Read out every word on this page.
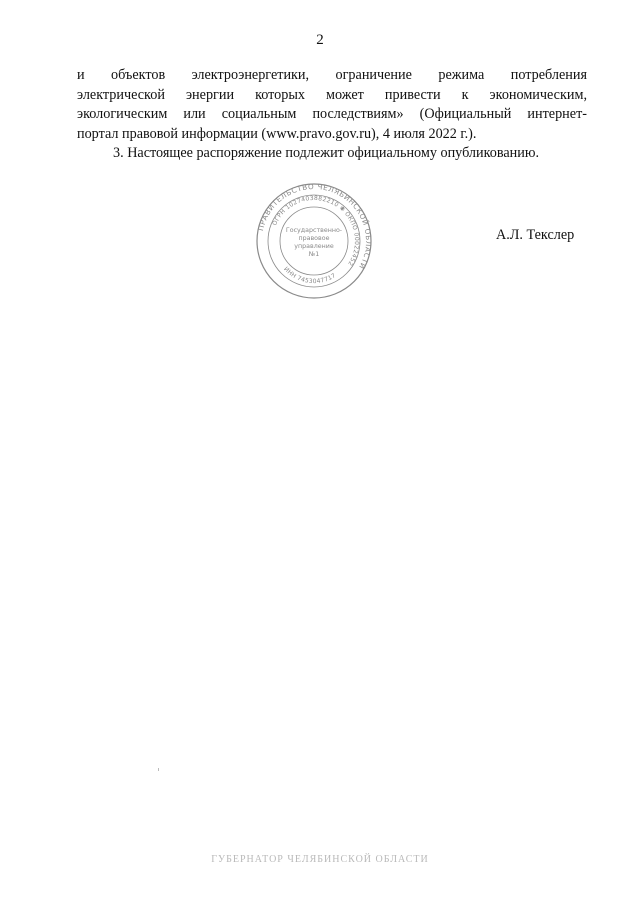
2

и объектов электроэнергетики, ограничение режима потребления
электрической энергии которых может привести к экономическим,
экологическим или социальным последствиям» (Официальный интернет-
портал правовой информации (www.pravo.gov.ru), 4 июля 2022 г.).

3. Настоящее распоряжение подлежит официальному опубликованию.

ПРАВИТЕЛЬСТВО ЧЕЛЯБИНСКОЙ ОБЛАСТИ
ОГРН 1027403882210 ✱ ОКПО 00022452
ИНН 7453047717
Государственно-
правовое
управление
№1
А.Л. Текслер
ГУБЕРНАТОР ЧЕЛЯБИНСКОЙ ОБЛАСТИ
